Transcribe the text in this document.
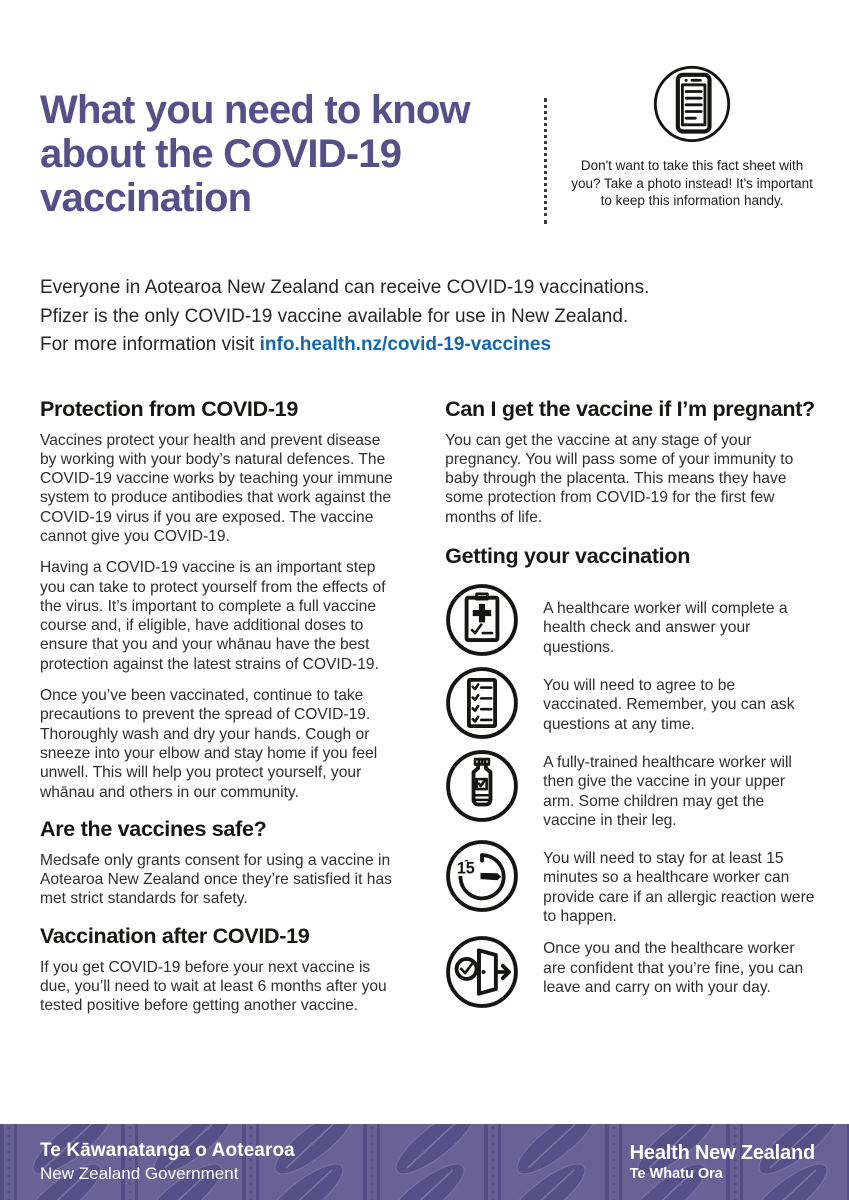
What you need to know about the COVID-19 vaccination

Don't want to take this fact sheet with you? Take a photo instead! It's important to keep this information handy.

Everyone in Aotearoa New Zealand can receive COVID-19 vaccinations.
Pfizer is the only COVID-19 vaccine available for use in New Zealand.
For more information visit info.health.nz/covid-19-vaccines
Protection from COVID-19

Vaccines protect your health and prevent disease by working with your body’s natural defences. The COVID-19 vaccine works by teaching your immune system to produce antibodies that work against the COVID-19 virus if you are exposed. The vaccine cannot give you COVID-19.

Having a COVID-19 vaccine is an important step you can take to protect yourself from the effects of the virus. It’s important to complete a full vaccine course and, if eligible, have additional doses to ensure that you and your whānau have the best protection against the latest strains of COVID-19.

Once you’ve been vaccinated, continue to take precautions to prevent the spread of COVID-19. Thoroughly wash and dry your hands. Cough or sneeze into your elbow and stay home if you feel unwell. This will help you protect yourself, your whānau and others in our community.

Are the vaccines safe?

Medsafe only grants consent for using a vaccine in Aotearoa New Zealand once they’re satisfied it has met strict standards for safety.

Vaccination after COVID-19

If you get COVID-19 before your next vaccine is due, you’ll need to wait at least 6 months after you tested positive before getting another vaccine.

Can I get the vaccine if I’m pregnant?

You can get the vaccine at any stage of your pregnancy. You will pass some of your immunity to baby through the placenta. This means they have some protection from COVID-19 for the first few months of life.

Getting your vaccination

A healthcare worker will complete a health check and answer your questions.

You will need to agree to be vaccinated. Remember, you can ask questions at any time.

A fully-trained healthcare worker will then give the vaccine in your upper arm. Some children may get the vaccine in their leg.

15

You will need to stay for at least 15 minutes so a healthcare worker can provide care if an allergic reaction were to happen.

Once you and the healthcare worker are confident that you’re fine, you can leave and carry on with your day.

Te Kāwanatanga o Aotearoa
New Zealand Government
Health New Zealand
Te Whatu Ora
